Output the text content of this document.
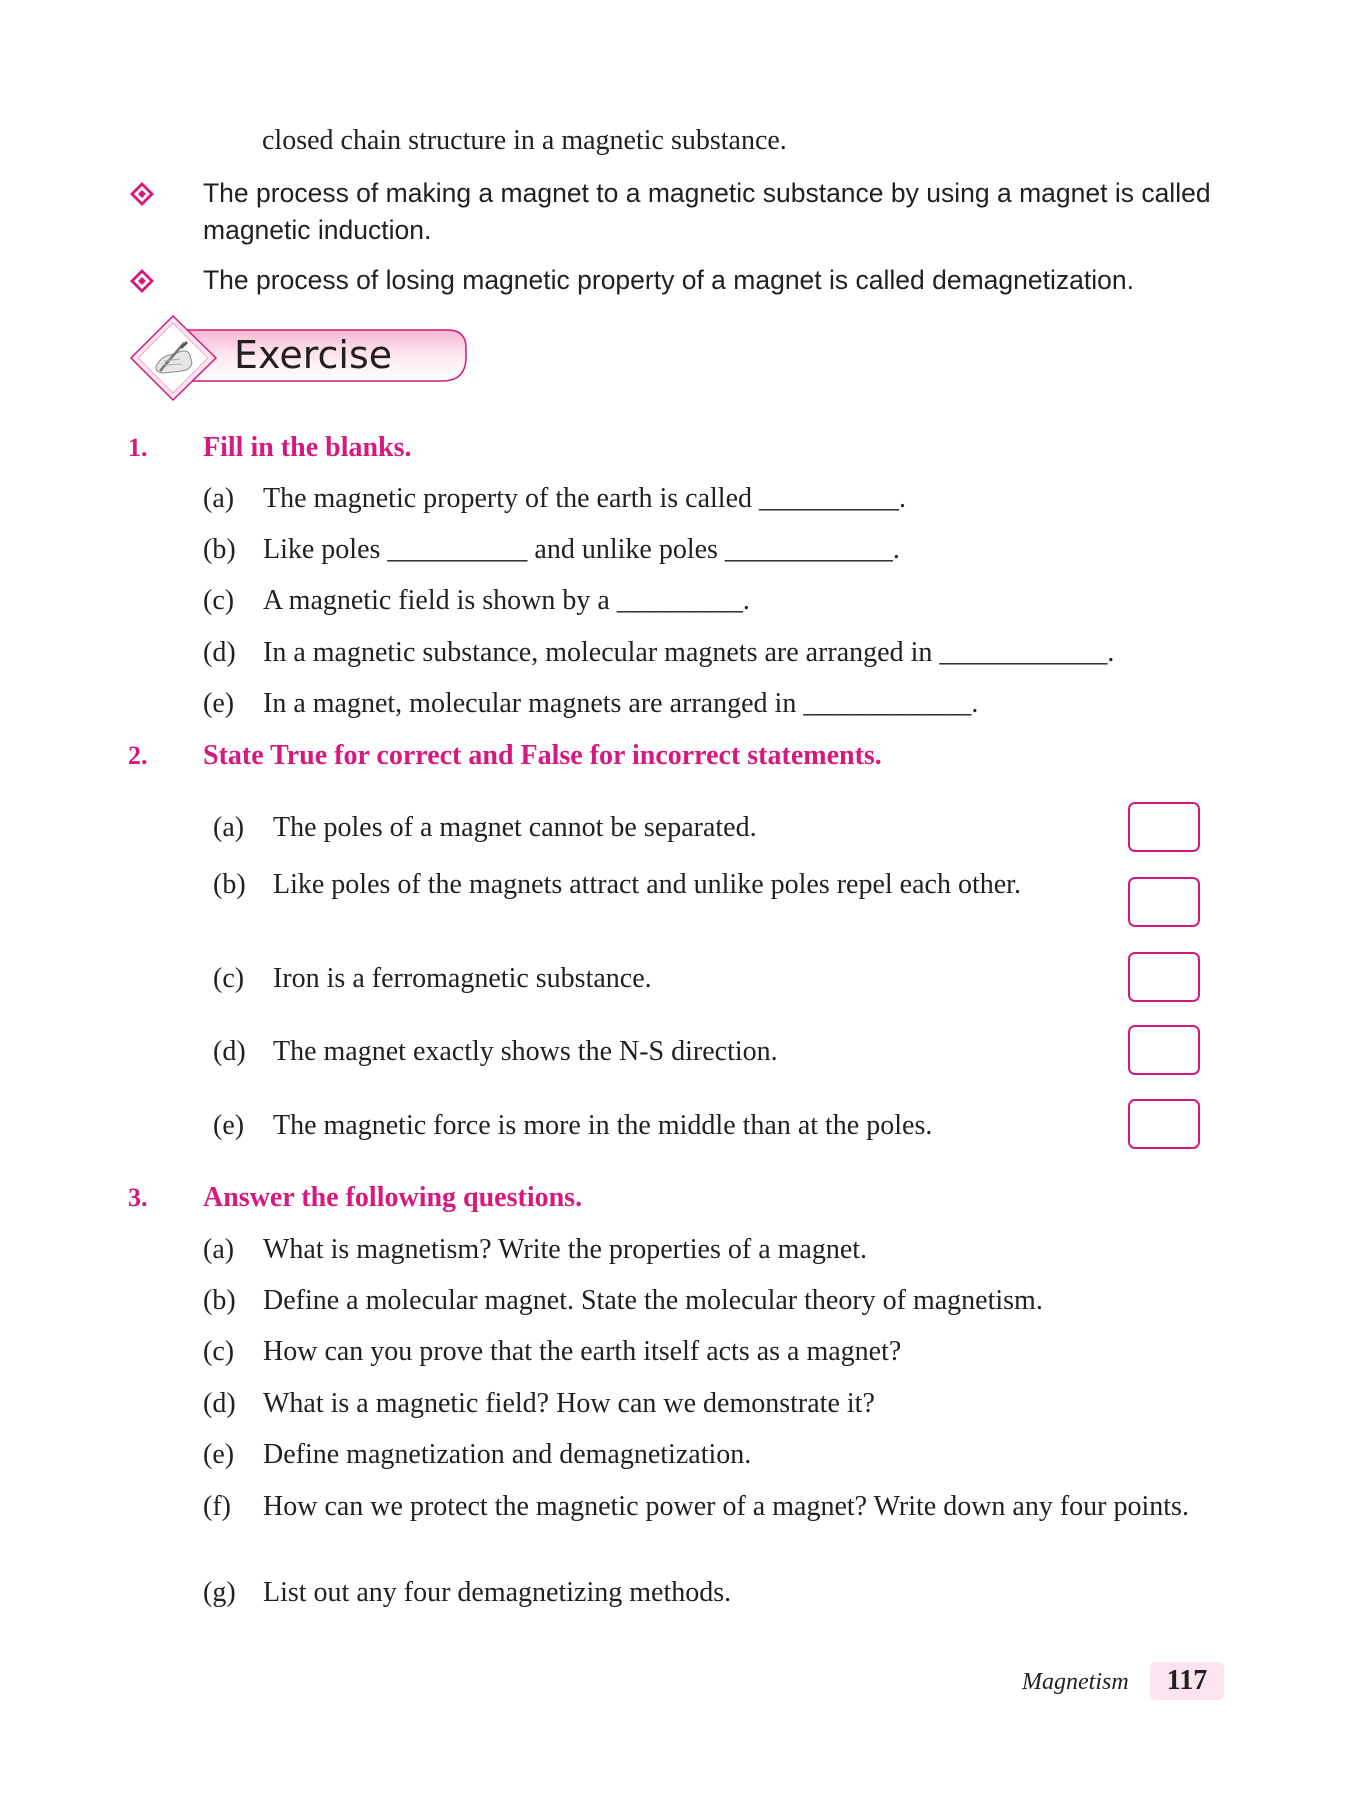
closed chain structure in a magnetic substance.
The process of making a magnet to a magnetic substance by using a magnet is called magnetic induction.
The process of losing magnetic property of a magnet is called demagnetization.
Exercise
1. Fill in the blanks.
(a) The magnetic property of the earth is called __________.
(b) Like poles __________ and unlike poles ____________.
(c) A magnetic field is shown by a _________.
(d) In a magnetic substance, molecular magnets are arranged in ____________.
(e) In a magnet, molecular magnets are arranged in ____________.
2. State True for correct and False for incorrect statements.
(a) The poles of a magnet cannot be separated.
(b) Like poles of the magnets attract and unlike poles repel each other.
(c) Iron is a ferromagnetic substance.
(d) The magnet exactly shows the N-S direction.
(e) The magnetic force is more in the middle than at the poles.
3. Answer the following questions.
(a) What is magnetism? Write the properties of a magnet.
(b) Define a molecular magnet. State the molecular theory of magnetism.
(c) How can you prove that the earth itself acts as a magnet?
(d) What is a magnetic field? How can we demonstrate it?
(e) Define magnetization and demagnetization.
(f) How can we protect the magnetic power of a magnet? Write down any four points.
(g) List out any four demagnetizing methods.
Magnetism	117
